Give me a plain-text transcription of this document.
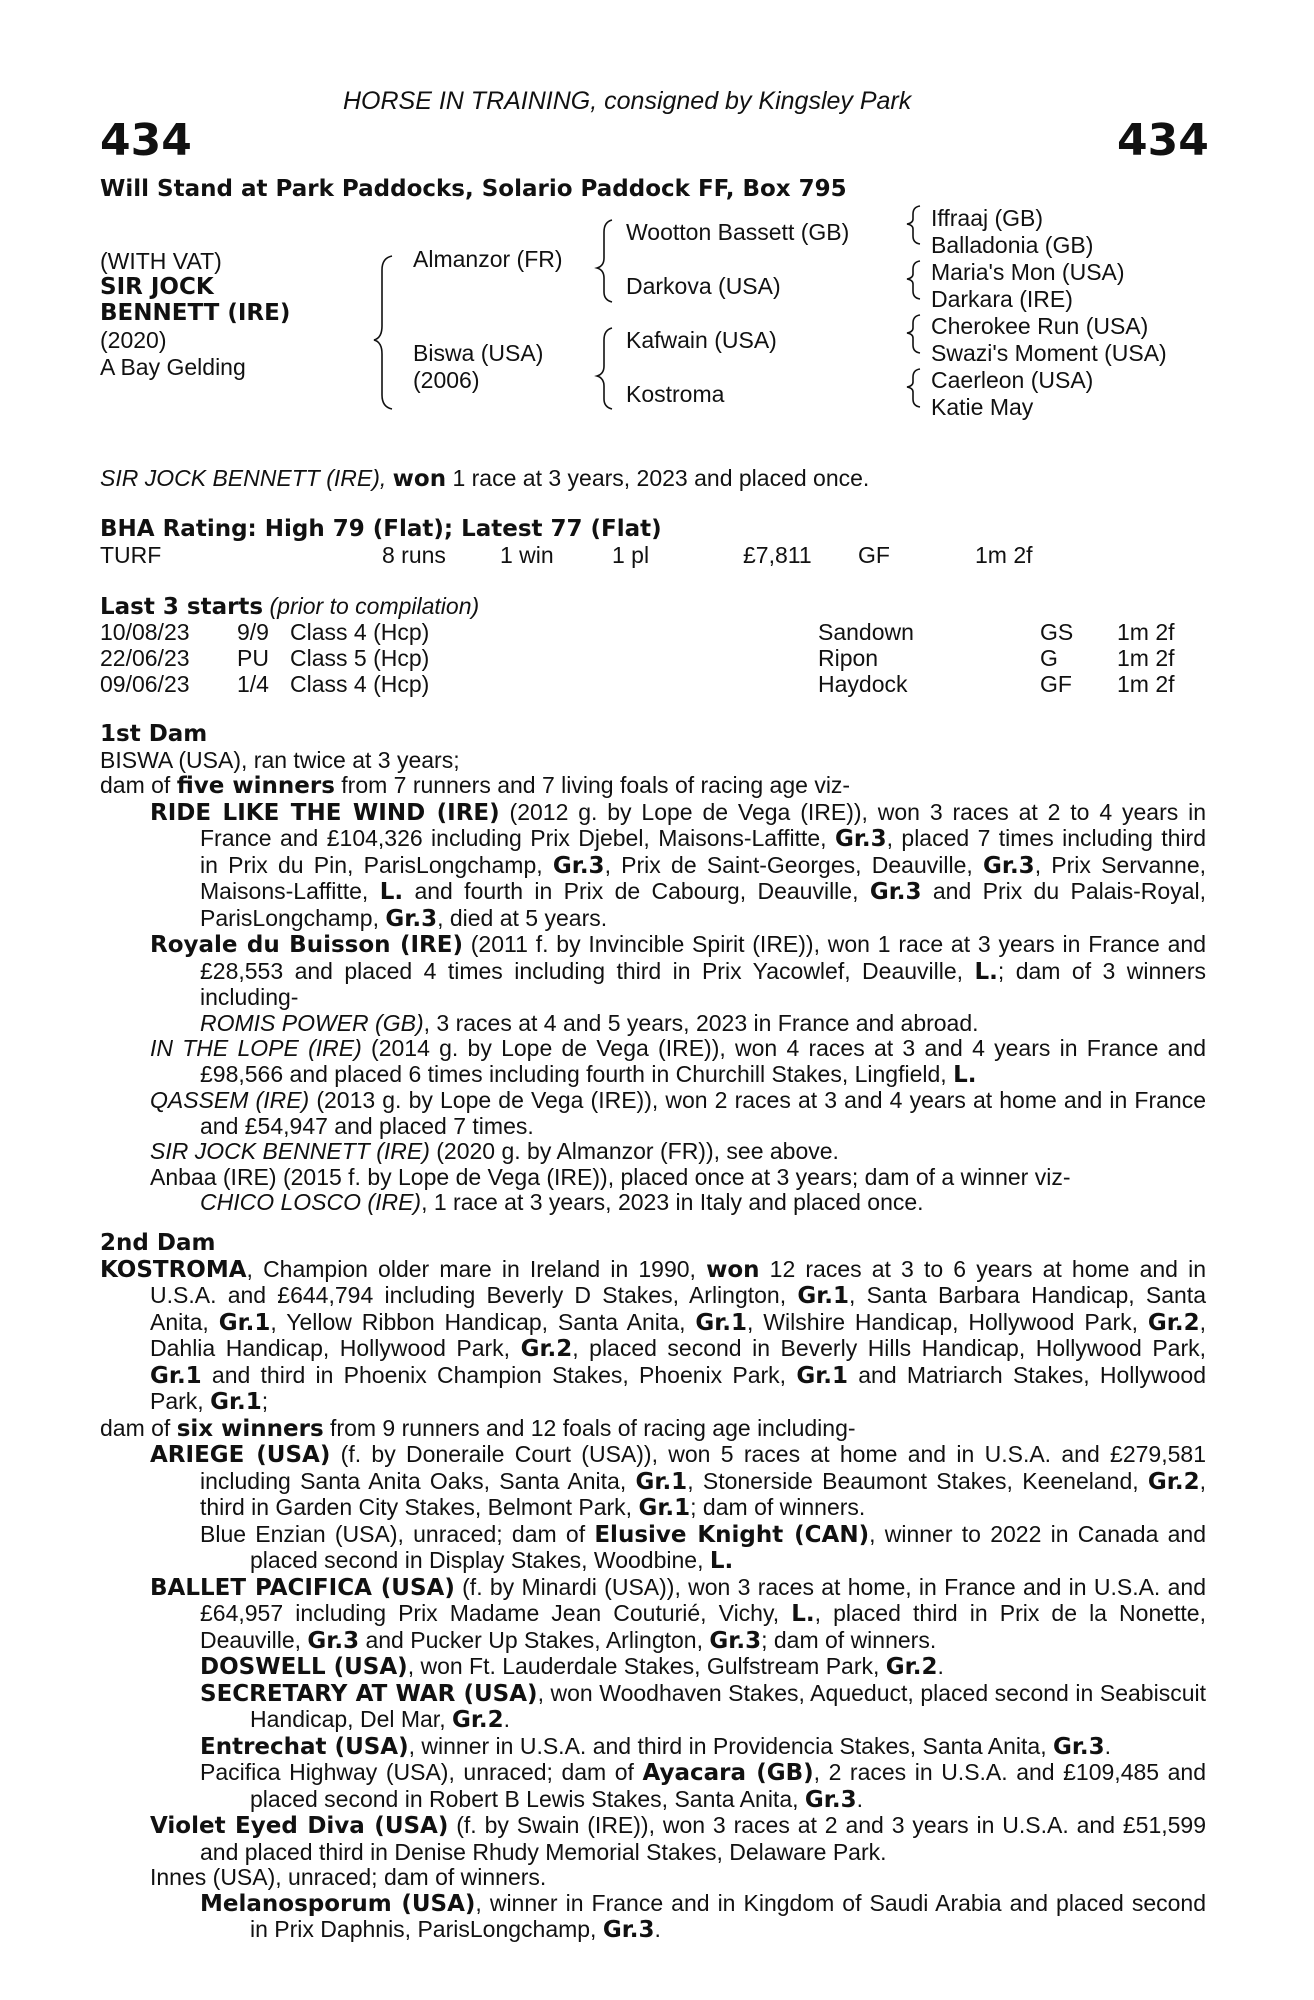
HORSE IN TRAINING, consigned by Kingsley Park
434	434
Will Stand at Park Paddocks, Solario Paddock FF, Box 795
(WITH VAT)
SIR JOCK
BENNETT (IRE)
(2020)
A Bay Gelding
Almanzor (FR)
Biswa (USA)
(2006)
Wootton Bassett (GB)
Darkova (USA)
Kafwain (USA)
Kostroma
Iffraaj (GB)
Balladonia (GB)
Maria's Mon (USA)
Darkara (IRE)
Cherokee Run (USA)
Swazi's Moment (USA)
Caerleon (USA)
Katie May
SIR JOCK BENNETT (IRE), won 1 race at 3 years, 2023 and placed once.
BHA Rating: High 79 (Flat); Latest 77 (Flat)
TURF	8 runs 1 win	1 pl	£7,811 GF	1m 2f
Last 3 starts (prior to compilation)
10/08/23 9/9 Class 4 (Hcp)	Sandown	GS 1m 2f
22/06/23 PU Class 5 (Hcp)	Ripon	G	1m 2f
09/06/23 1/4 Class 4 (Hcp)	Haydock	GF 1m 2f

1st Dam

BISWA (USA), ran twice at 3 years;

dam of five winners from 7 runners and 7 living foals of racing age viz-

RIDE LIKE THE WIND (IRE) (2012 g. by Lope de Vega (IRE)), won 3 races at 2 to 4 years in France and £104,326 including Prix Djebel, Maisons-Laffitte, Gr.3, placed 7 times including third in Prix du Pin, ParisLongchamp, Gr.3, Prix de Saint-Georges, Deauville, Gr.3, Prix Servanne, Maisons-Laffitte, L. and fourth in Prix de Cabourg, Deauville, Gr.3 and Prix du Palais-Royal, ParisLongchamp, Gr.3, died at 5 years.

Royale du Buisson (IRE) (2011 f. by Invincible Spirit (IRE)), won 1 race at 3 years in France and £28,553 and placed 4 times including third in Prix Yacowlef, Deauville, L.; dam of 3 winners including-

ROMIS POWER (GB), 3 races at 4 and 5 years, 2023 in France and abroad.

IN THE LOPE (IRE) (2014 g. by Lope de Vega (IRE)), won 4 races at 3 and 4 years in France and £98,566 and placed 6 times including fourth in Churchill Stakes, Lingfield, L.

QASSEM (IRE) (2013 g. by Lope de Vega (IRE)), won 2 races at 3 and 4 years at home and in France and £54,947 and placed 7 times.

SIR JOCK BENNETT (IRE) (2020 g. by Almanzor (FR)), see above.

Anbaa (IRE) (2015 f. by Lope de Vega (IRE)), placed once at 3 years; dam of a winner viz-

CHICO LOSCO (IRE), 1 race at 3 years, 2023 in Italy and placed once.

2nd Dam

KOSTROMA, Champion older mare in Ireland in 1990, won 12 races at 3 to 6 years at home and in U.S.A. and £644,794 including Beverly D Stakes, Arlington, Gr.1, Santa Barbara Handicap, Santa Anita, Gr.1, Yellow Ribbon Handicap, Santa Anita, Gr.1, Wilshire Handicap, Hollywood Park, Gr.2, Dahlia Handicap, Hollywood Park, Gr.2, placed second in Beverly Hills Handicap, Hollywood Park, Gr.1 and third in Phoenix Champion Stakes, Phoenix Park, Gr.1 and Matriarch Stakes, Hollywood Park, Gr.1;

dam of six winners from 9 runners and 12 foals of racing age including-

ARIEGE (USA) (f. by Doneraile Court (USA)), won 5 races at home and in U.S.A. and £279,581 including Santa Anita Oaks, Santa Anita, Gr.1, Stonerside Beaumont Stakes, Keeneland, Gr.2, third in Garden City Stakes, Belmont Park, Gr.1; dam of winners.

Blue Enzian (USA), unraced; dam of Elusive Knight (CAN), winner to 2022 in Canada and placed second in Display Stakes, Woodbine, L.

BALLET PACIFICA (USA) (f. by Minardi (USA)), won 3 races at home, in France and in U.S.A. and £64,957 including Prix Madame Jean Couturié, Vichy, L., placed third in Prix de la Nonette, Deauville, Gr.3 and Pucker Up Stakes, Arlington, Gr.3; dam of winners.

DOSWELL (USA), won Ft. Lauderdale Stakes, Gulfstream Park, Gr.2.

SECRETARY AT WAR (USA), won Woodhaven Stakes, Aqueduct, placed second in Seabiscuit Handicap, Del Mar, Gr.2.

Entrechat (USA), winner in U.S.A. and third in Providencia Stakes, Santa Anita, Gr.3.

Pacifica Highway (USA), unraced; dam of Ayacara (GB), 2 races in U.S.A. and £109,485 and placed second in Robert B Lewis Stakes, Santa Anita, Gr.3.

Violet Eyed Diva (USA) (f. by Swain (IRE)), won 3 races at 2 and 3 years in U.S.A. and £51,599 and placed third in Denise Rhudy Memorial Stakes, Delaware Park.

Innes (USA), unraced; dam of winners.

Melanosporum (USA), winner in France and in Kingdom of Saudi Arabia and placed second in Prix Daphnis, ParisLongchamp, Gr.3.
